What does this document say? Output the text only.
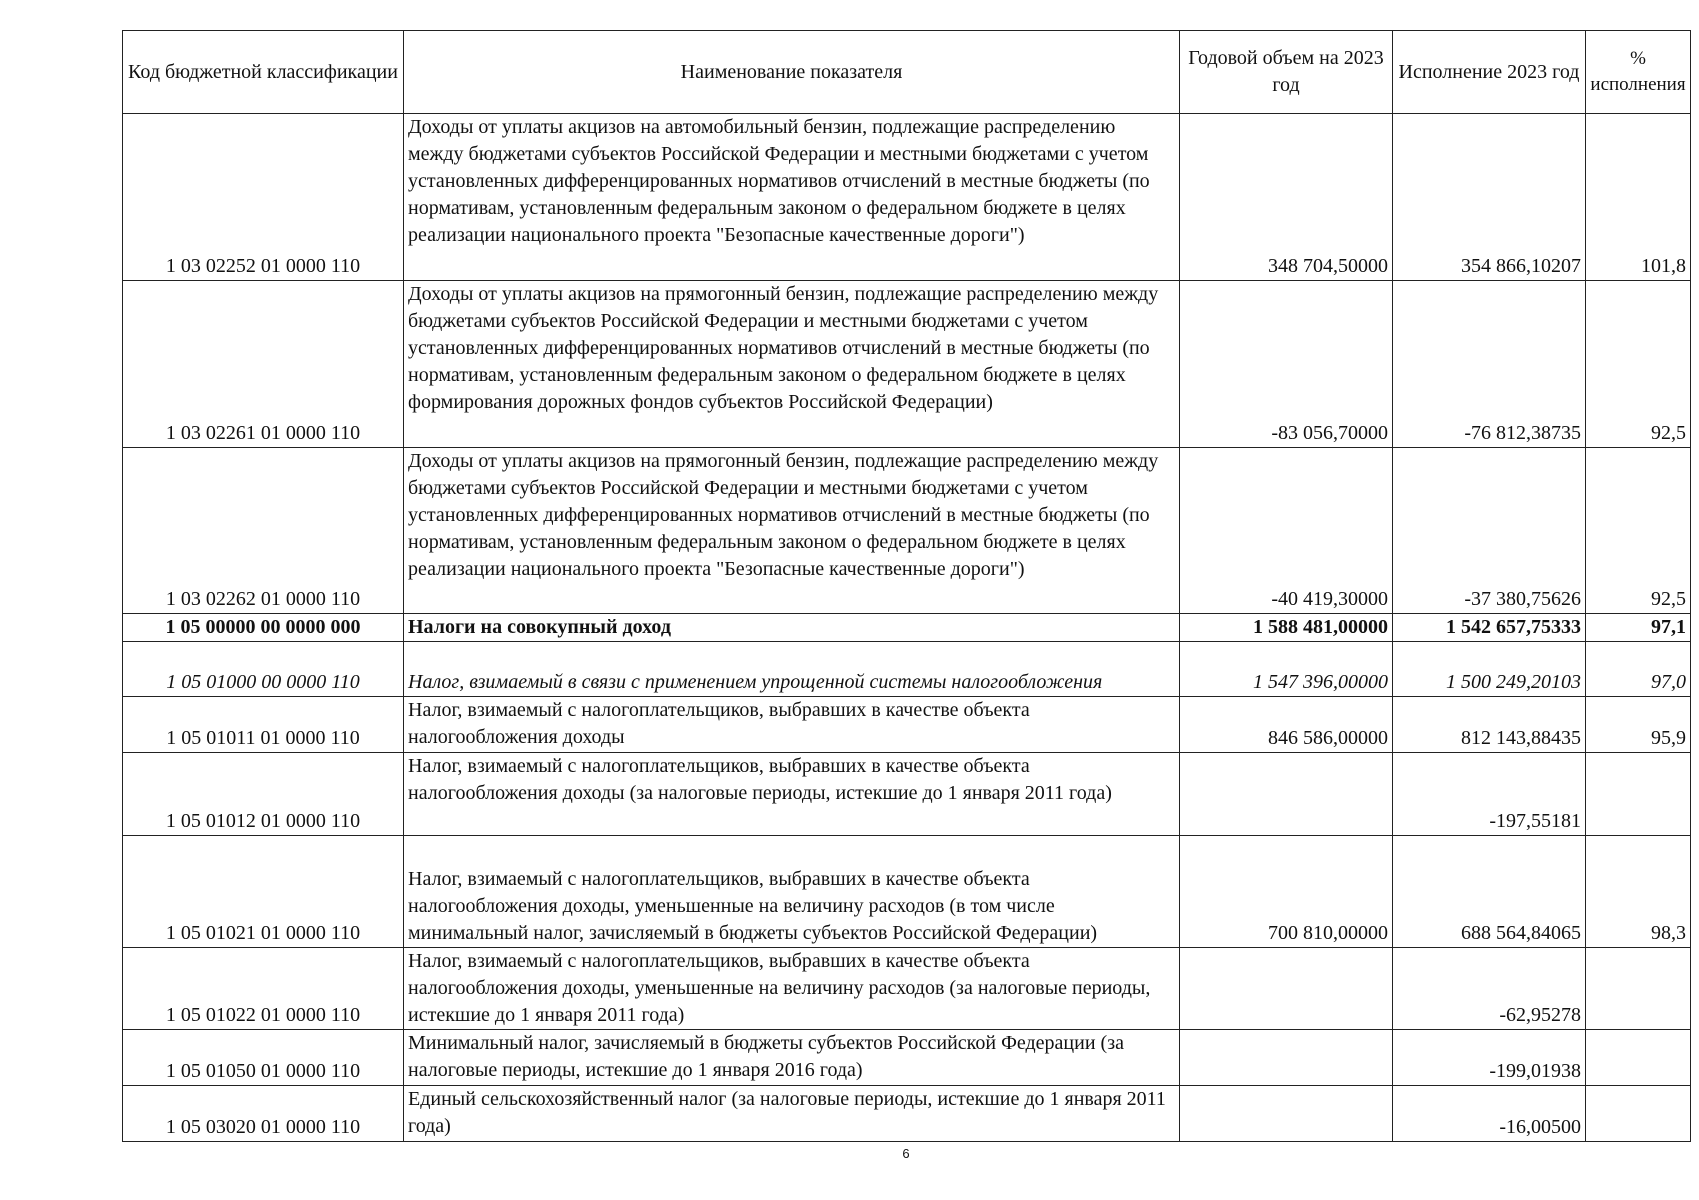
Код бюджетной классификации	Наименование показателя	Годовой объем на 2023 год	Исполнение 2023 год	% исполнения
1 03 02252 01 0000 110	Доходы от уплаты акцизов на автомобильный бензин, подлежащие распределению между бюджетами субъектов Российской Федерации и местными бюджетами с учетом установленных дифференцированных нормативов отчислений в местные бюджеты (по нормативам, установленным федеральным законом о федеральном бюджете в целях реализации национального проекта "Безопасные качественные дороги")	348 704,50000	354 866,10207	101,8
1 03 02261 01 0000 110	Доходы от уплаты акцизов на прямогонный бензин, подлежащие распределению между бюджетами субъектов Российской Федерации и местными бюджетами с учетом установленных дифференцированных нормативов отчислений в местные бюджеты (по нормативам, установленным федеральным законом о федеральном бюджете в целях формирования дорожных фондов субъектов Российской Федерации)	-83 056,70000	-76 812,38735	92,5
1 03 02262 01 0000 110	Доходы от уплаты акцизов на прямогонный бензин, подлежащие распределению между бюджетами субъектов Российской Федерации и местными бюджетами с учетом установленных дифференцированных нормативов отчислений в местные бюджеты (по нормативам, установленным федеральным законом о федеральном бюджете в целях реализации национального проекта "Безопасные качественные дороги")	-40 419,30000	-37 380,75626	92,5
1 05 00000 00 0000 000	Налоги на совокупный доход	1 588 481,00000	1 542 657,75333	97,1
1 05 01000 00 0000 110	Налог, взимаемый в связи с применением упрощенной системы налогообложения	1 547 396,00000	1 500 249,20103	97,0
1 05 01011 01 0000 110	Налог, взимаемый с налогоплательщиков, выбравших в качестве объекта налогообложения доходы	846 586,00000	812 143,88435	95,9
1 05 01012 01 0000 110	Налог, взимаемый с налогоплательщиков, выбравших в качестве объекта налогообложения доходы (за налоговые периоды, истекшие до 1 января 2011 года)		-197,55181	
1 05 01021 01 0000 110	Налог, взимаемый с налогоплательщиков, выбравших в качестве объекта налогообложения доходы, уменьшенные на величину расходов (в том числе минимальный налог, зачисляемый в бюджеты субъектов Российской Федерации)	700 810,00000	688 564,84065	98,3
1 05 01022 01 0000 110	Налог, взимаемый с налогоплательщиков, выбравших в качестве объекта налогообложения доходы, уменьшенные на величину расходов (за налоговые периоды, истекшие до 1 января 2011 года)		-62,95278	
1 05 01050 01 0000 110	Минимальный налог, зачисляемый в бюджеты субъектов Российской Федерации (за налоговые периоды, истекшие до 1 января 2016 года)		-199,01938	
1 05 03020 01 0000 110	Единый сельскохозяйственный налог (за налоговые периоды, истекшие до 1 января 2011 года)		-16,00500	
6
